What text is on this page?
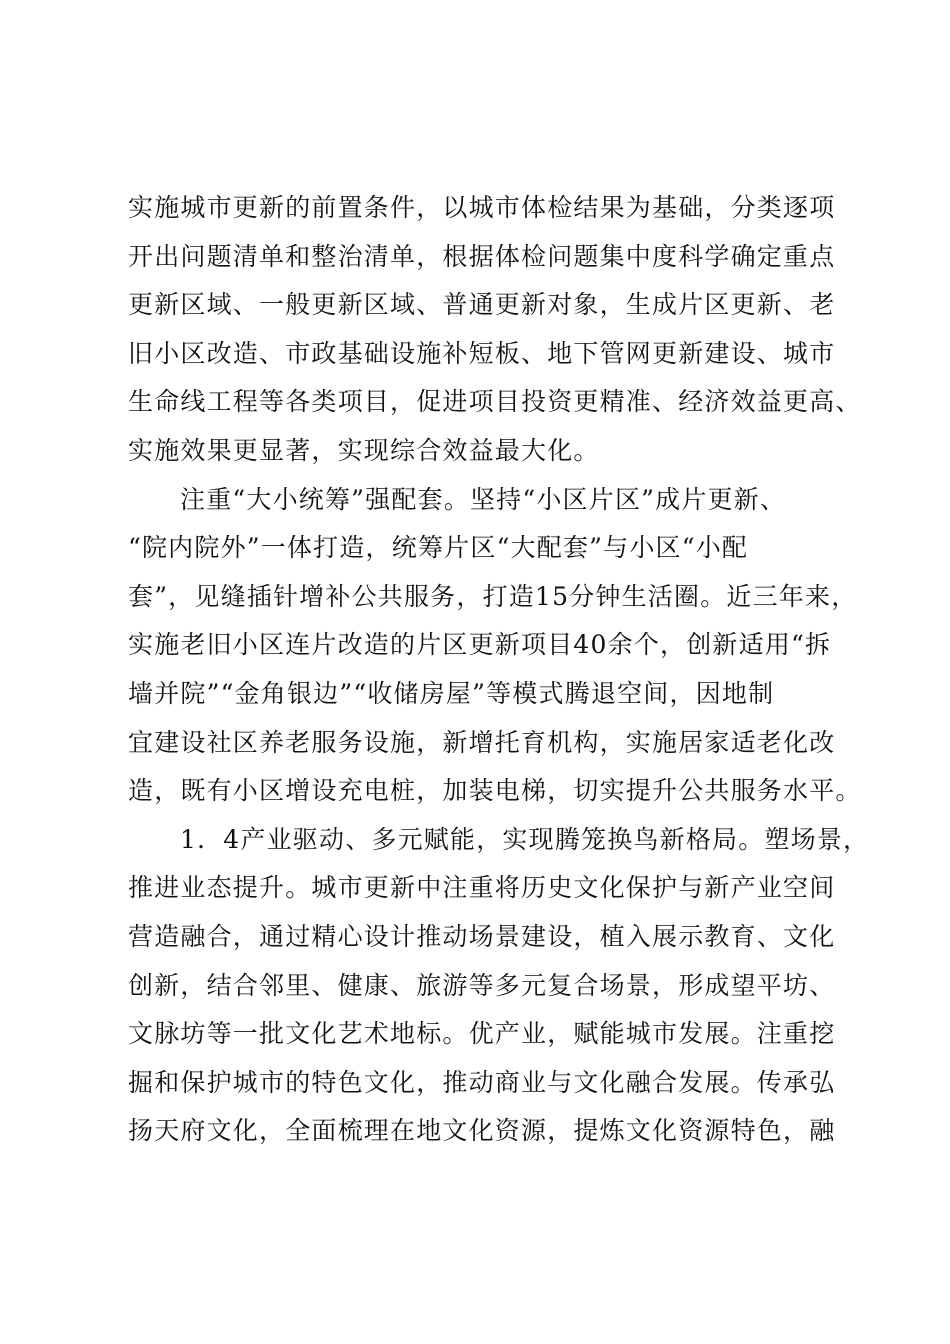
实施城市更新的前置条件，以城市体检结果为基础，分类逐项
开出问题清单和整治清单，根据体检问题集中度科学确定重点
更新区域、一般更新区域、普通更新对象，生成片区更新、老
旧小区改造、市政基础设施补短板、地下管网更新建设、城市
生命线工程等各类项目，促进项目投资更精准、经济效益更高、
实施效果更显著，实现综合效益最大化。
注重“大小统筹”强配套。坚持“小区片区”成片更新、
“院内院外”一体打造，统筹片区“大配套”与小区“小配
套”，见缝插针增补公共服务，打造15分钟生活圈。近三年来，
实施老旧小区连片改造的片区更新项目40余个，创新适用“拆
墙并院”“金角银边”“收储房屋”等模式腾退空间，因地制
宜建设社区养老服务设施，新增托育机构，实施居家适老化改
造，既有小区增设充电桩，加装电梯，切实提升公共服务水平。
1．4产业驱动、多元赋能，实现腾笼换鸟新格局。塑场景，
推进业态提升。城市更新中注重将历史文化保护与新产业空间
营造融合，通过精心设计推动场景建设，植入展示教育、文化
创新，结合邻里、健康、旅游等多元复合场景，形成望平坊、
文脉坊等一批文化艺术地标。优产业，赋能城市发展。注重挖
掘和保护城市的特色文化，推动商业与文化融合发展。传承弘
扬天府文化，全面梳理在地文化资源，提炼文化资源特色，融
